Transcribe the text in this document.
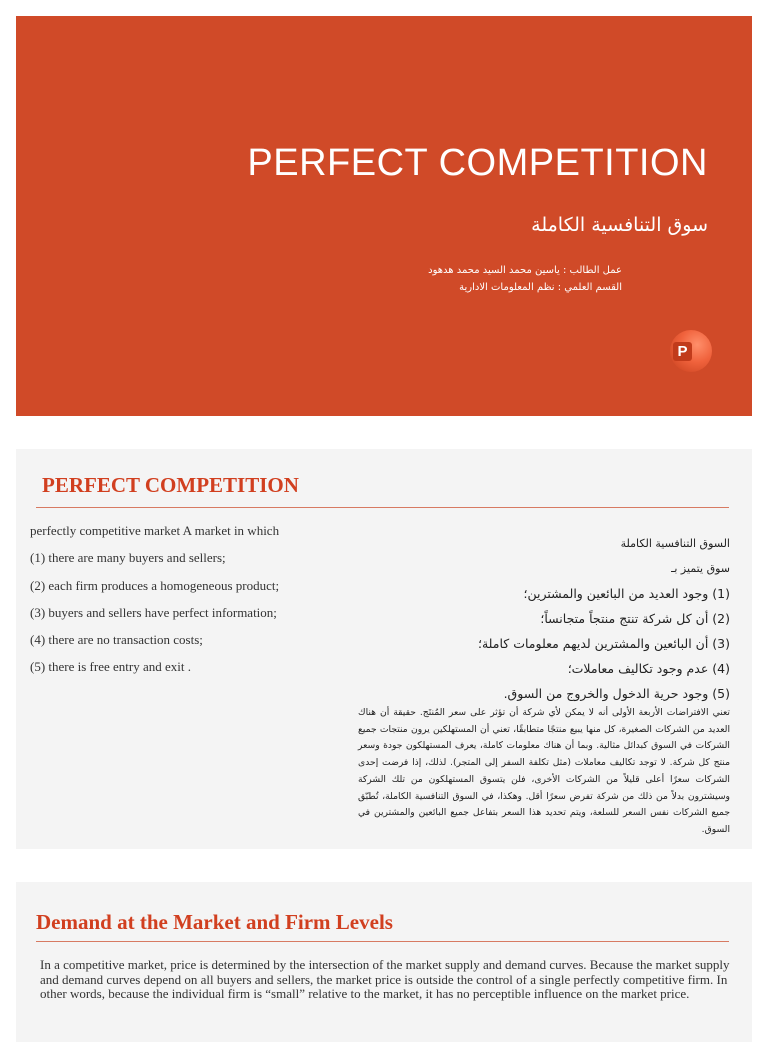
PERFECT COMPETITION
سوق التنافسية الكاملة
عمل الطالب : ياسين محمد السيد محمد هدهود
القسم العلمي : نظم المعلومات الادارية
P
PERFECT COMPETITION
perfectly competitive market A market in which
(1) there are many buyers and sellers;
(2) each firm produces a homogeneous product;
(3) buyers and sellers have perfect information;
(4) there are no transaction costs;
(5) there is free entry and exit .
السوق التنافسية الكاملة
سوق يتميز بـ
(1) وجود العديد من البائعين والمشترين؛
(2) أن كل شركة تنتج منتجاً متجانساً؛
(3) أن البائعين والمشترين لديهم معلومات كاملة؛
(4) عدم وجود تكاليف معاملات؛
(5) وجود حرية الدخول والخروج من السوق.
تعني الافتراضات الأربعة الأولى أنه لا يمكن لأي شركة أن تؤثر على سعر المُنتَج. حقيقة أن هناك العديد من الشركات الصغيرة، كل منها يبيع منتجًا متطابقًا، تعني أن المستهلكين يرون منتجات جميع الشركات في السوق كبدائل مثالية. وبما أن هناك معلومات كاملة، يعرف المستهلكون جودة وسعر منتج كل شركة. لا توجد تكاليف معاملات (مثل تكلفة السفر إلى المتجر). لذلك، إذا فرضت إحدى الشركات سعرًا أعلى قليلاً من الشركات الأخرى، فلن يتسوق المستهلكون من تلك الشركة وسيشترون بدلاً من ذلك من شركة تفرض سعرًا أقل. وهكذا، في السوق التنافسية الكاملة، تُطبّق جميع الشركات نفس السعر للسلعة، ويتم تحديد هذا السعر بتفاعل جميع البائعين والمشترين في السوق.
Demand at the Market and Firm Levels
In a competitive market, price is determined by the intersection of the market supply and demand curves. Because the market supply and demand curves depend on all buyers and sellers, the market price is outside the control of a single perfectly competitive firm. In other words, because the individual firm is “small” relative to the market, it has no perceptible influence on the market price.
